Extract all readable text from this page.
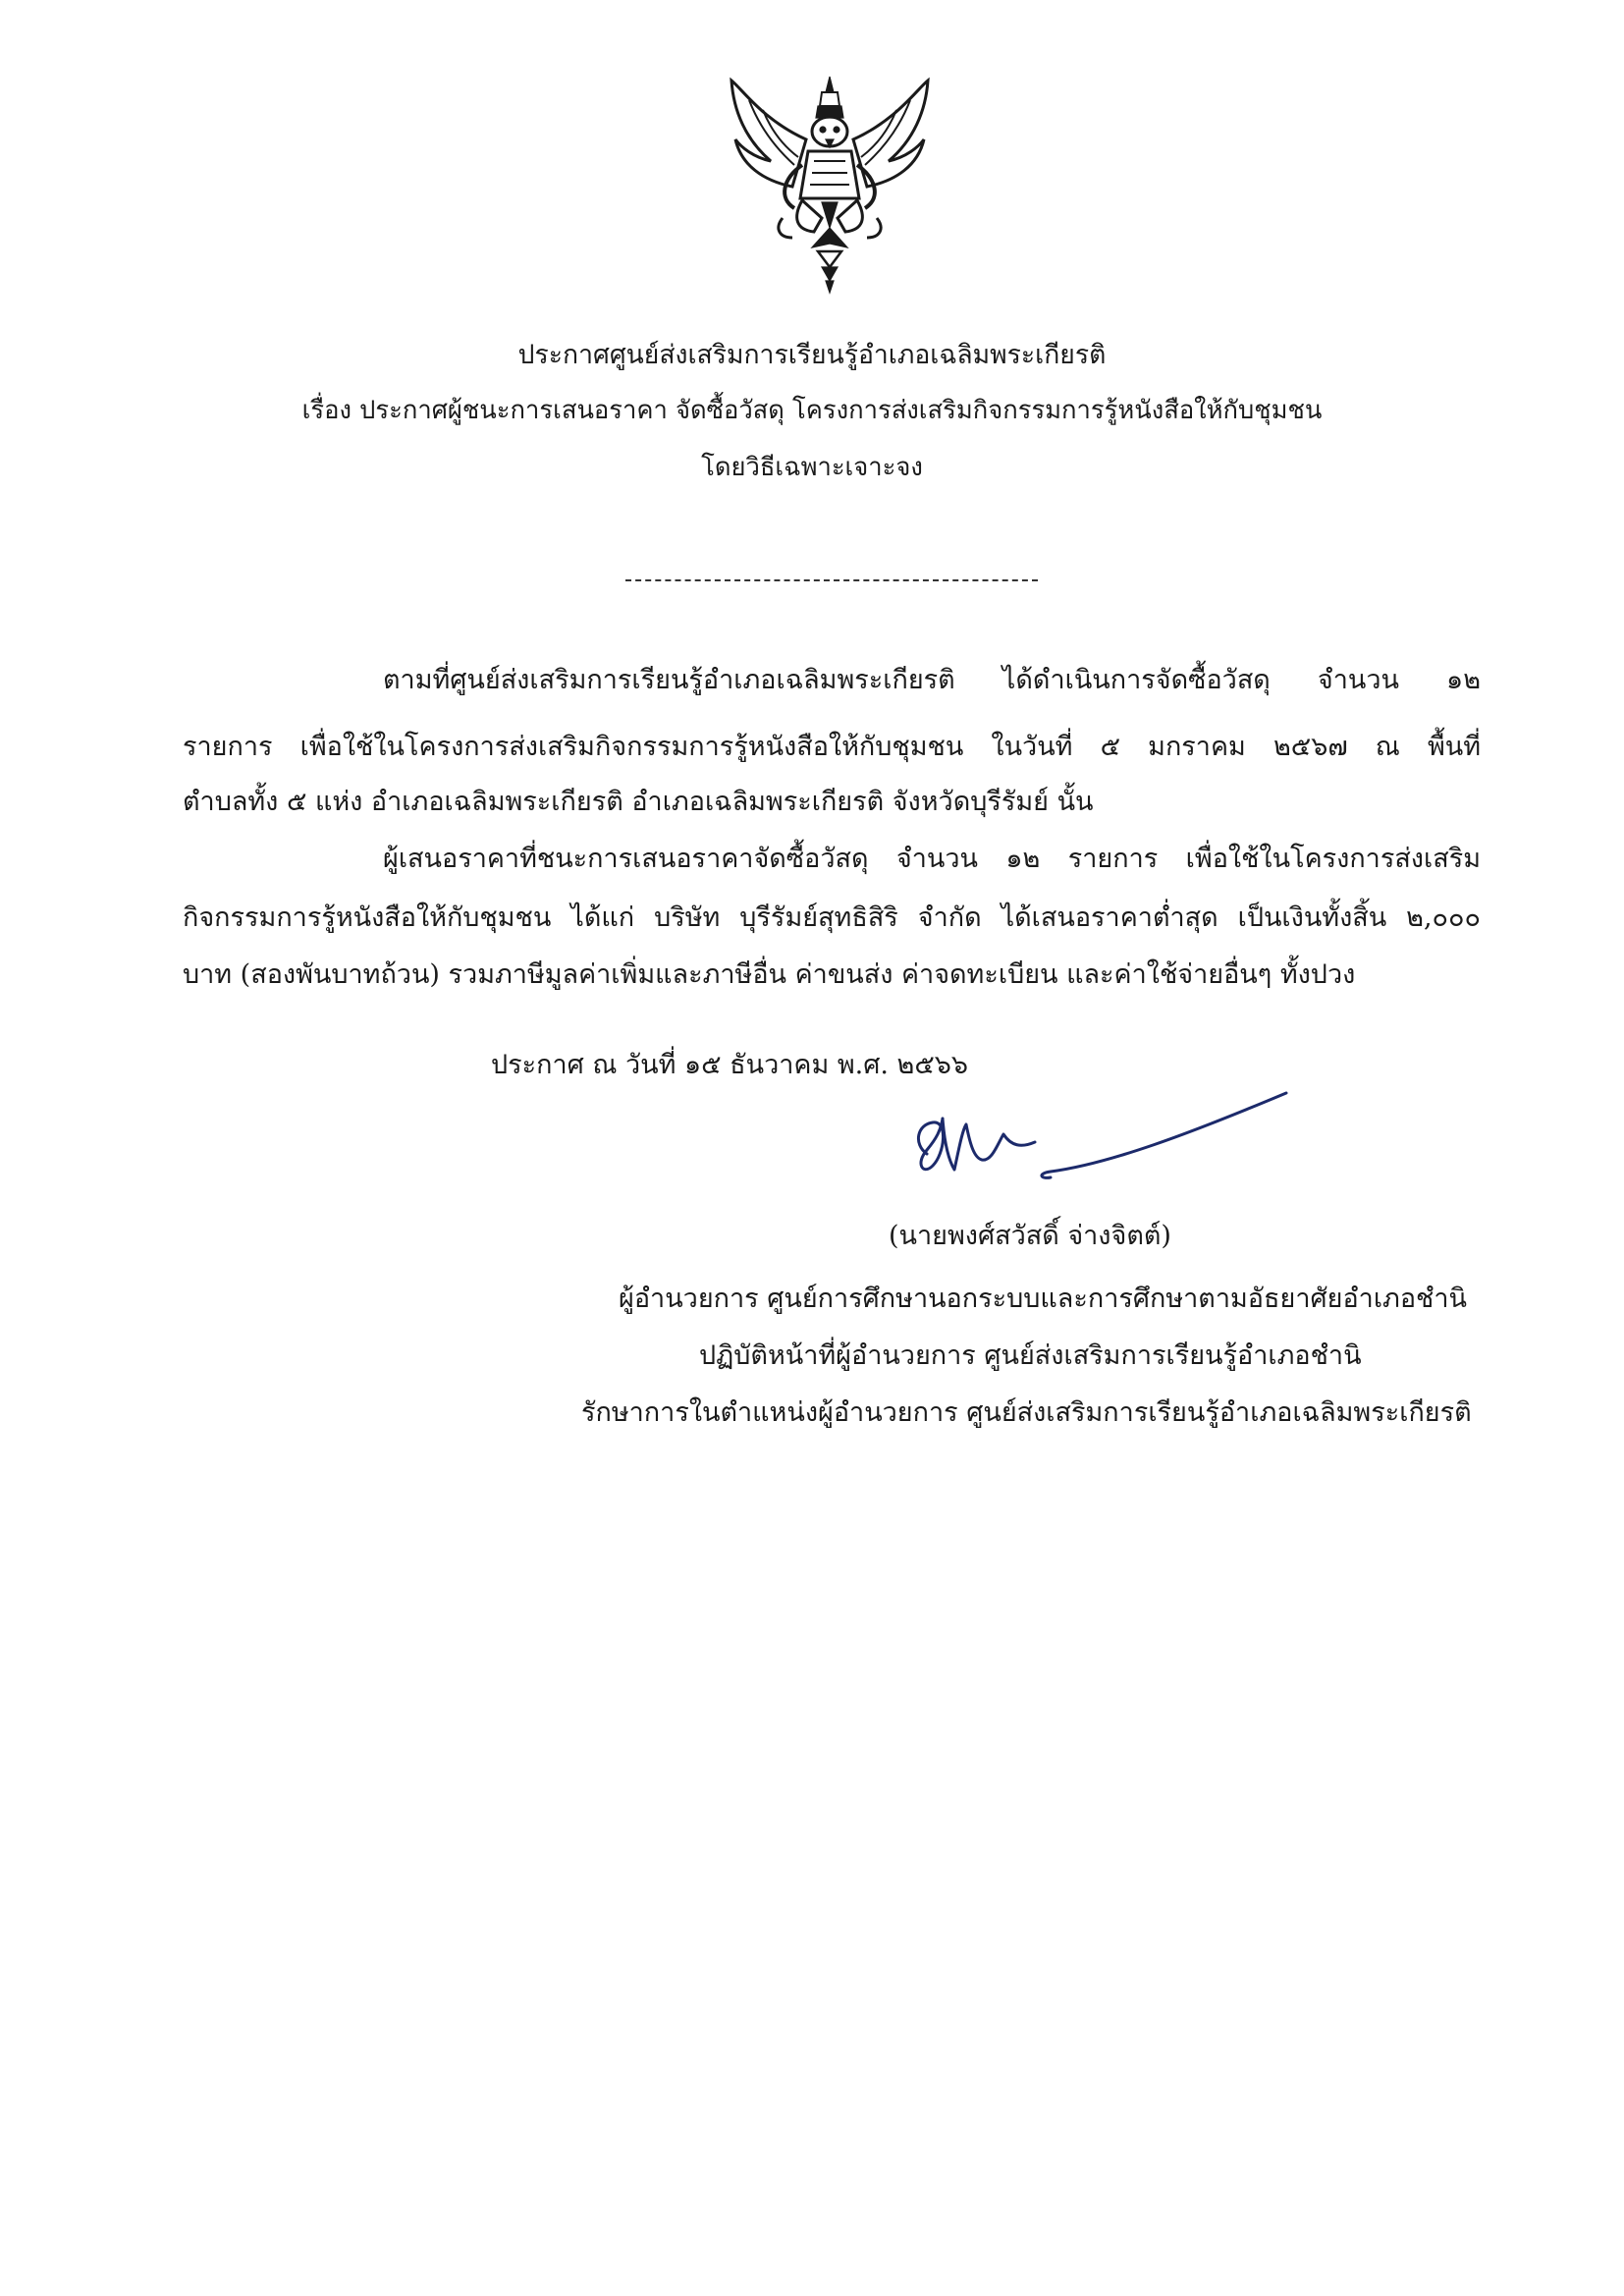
ประกาศศูนย์ส่งเสริมการเรียนรู้อำเภอเฉลิมพระเกียรติ
เรื่อง ประกาศผู้ชนะการเสนอราคา จัดซื้อวัสดุ โครงการส่งเสริมกิจกรรมการรู้หนังสือให้กับชุมชน
โดยวิธีเฉพาะเจาะจง
ตามที่ศูนย์ส่งเสริมการเรียนรู้อำเภอเฉลิมพระเกียรติ ได้ดำเนินการจัดซื้อวัสดุ จำนวน ๑๒
รายการ เพื่อใช้ในโครงการส่งเสริมกิจกรรมการรู้หนังสือให้กับชุมชน ในวันที่ ๕ มกราคม ๒๕๖๗ ณ พื้นที่
ตำบลทั้ง ๕ แห่ง อำเภอเฉลิมพระเกียรติ อำเภอเฉลิมพระเกียรติ จังหวัดบุรีรัมย์ นั้น
ผู้เสนอราคาที่ชนะการเสนอราคาจัดซื้อวัสดุ จำนวน ๑๒ รายการ เพื่อใช้ในโครงการส่งเสริม
กิจกรรมการรู้หนังสือให้กับชุมชน ได้แก่ บริษัท บุรีรัมย์สุทธิสิริ จำกัด ได้เสนอราคาต่ำสุด เป็นเงินทั้งสิ้น ๒,๐๐๐
บาท (สองพันบาทถ้วน) รวมภาษีมูลค่าเพิ่มและภาษีอื่น ค่าขนส่ง ค่าจดทะเบียน และค่าใช้จ่ายอื่นๆ ทั้งปวง
ประกาศ ณ วันที่ ๑๕ ธันวาคม พ.ศ. ๒๕๖๖
(นายพงศ์สวัสดิ์ จ่างจิตต์)
ผู้อำนวยการ ศูนย์การศึกษานอกระบบและการศึกษาตามอัธยาศัยอำเภอชำนิ
ปฏิบัติหน้าที่ผู้อำนวยการ ศูนย์ส่งเสริมการเรียนรู้อำเภอชำนิ
รักษาการในตำแหน่งผู้อำนวยการ ศูนย์ส่งเสริมการเรียนรู้อำเภอเฉลิมพระเกียรติ
